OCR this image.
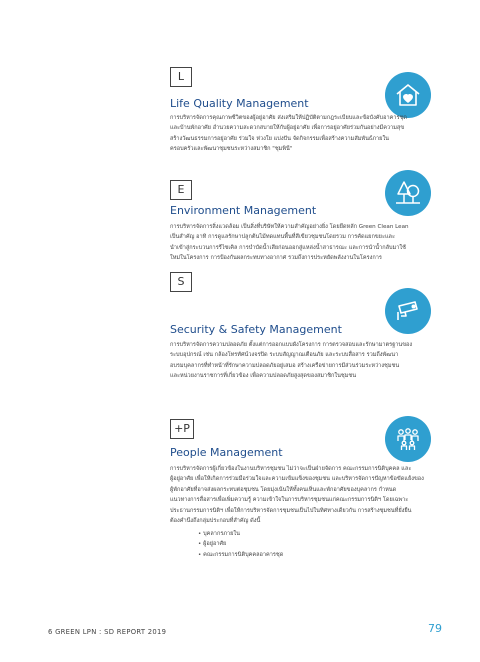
L
Life Quality Management
การบริหารจัดการคุณภาพชีวิตของผู้อยู่อาศัย ส่งเสริมให้ปฏิบัติตามกฎระเบียบและข้อบังคับอาคารชุด
และบ้านพักอาศัย อำนวยความสะดวกสบายให้กับผู้อยู่อาศัย เพื่อการอยู่อาศัยร่วมกันอย่างมีความสุข
สร้างวัฒนธรรมการอยู่อาศัย ร่วมใจ ห่วงใย แบ่งปัน จัดกิจกรรมเพื่อสร้างความสัมพันธ์ภายใน
ครอบครัวและพัฒนาชุมชนระหว่างสมาชิก "ชุมพินี"
E
Environment Management
การบริหารจัดการสิ่งแวดล้อม เป็นสิ่งที่บริษัทให้ความสำคัญอย่างยิ่ง โดยยึดหลัก Green Clean Lean
เป็นสำคัญ อาทิ การดูแลรักษาปลูกต้นไม้ทดแทนพื้นที่สีเขียวชุมชนโดยรวม การคัดแยกขยะและ
นำเข้าสู่กระบวนการรีไซเคิล การบำบัดน้ำเสียก่อนออกสู่แหล่งน้ำสาธารณะ และการนำน้ำกลับมาใช้
ใหม่ในโครงการ การป้องกันผลกระทบทางอากาศ รวมถึงการประหยัดพลังงานในโครงการ
S
Security & Safety Management
การบริหารจัดการความปลอดภัย ตั้งแต่การออกแบบผังโครงการ การตรวจสอบและรักษามาตรฐานของ
ระบบอุปกรณ์ เช่น กล้องโทรทัศน์วงจรปิด ระบบสัญญาณเตือนภัย และระบบสื่อสาร รวมถึงพัฒนา
อบรมบุคลากรที่ทำหน้าที่รักษาความปลอดภัยอยู่เสมอ สร้างเครือข่ายการมีส่วนร่วมระหว่างชุมชน
และหน่วยงานราชการที่เกี่ยวข้อง เพื่อความปลอดภัยสูงสุดของสมาชิกในชุมชน
+P
People Management
การบริหารจัดการผู้เกี่ยวข้องในงานบริหารชุมชน ไม่ว่าจะเป็นฝ่ายจัดการ คณะกรรมการนิติบุคคล และ
ผู้อยู่อาศัย เพื่อให้เกิดการร่วมมือร่วมใจและความเข้มแข็งของชุมชน และบริหารจัดการปัญหาข้อขัดแย้งของ
ผู้พักอาศัยที่อาจส่งผลกระทบต่อชุมชน โดยมุ่งเน้นให้ทั้งคนเห็นและพักอาศัยของบุคลากร กำหนด
แนวทางการสื่อสารเพื่อเพิ่มความรู้ ความเข้าใจในการบริหารชุมชนแก่คณะกรรมการนิติฯ โดยเฉพาะ
ประธานกรรมการนิติฯ เพื่อให้การบริหารจัดการชุมชนเป็นไปในทิศทางเดียวกัน การสร้างชุมชนที่ยั่งยืน
ต้องคำนึงถึงกลุ่มประกอบที่สำคัญ ดังนี้
• บุคลากรภายใน
• ผู้อยู่อาศัย
• คณะกรรมการนิติบุคคลอาคารชุด
6 GREEN LPN : SD REPORT 2019	79
